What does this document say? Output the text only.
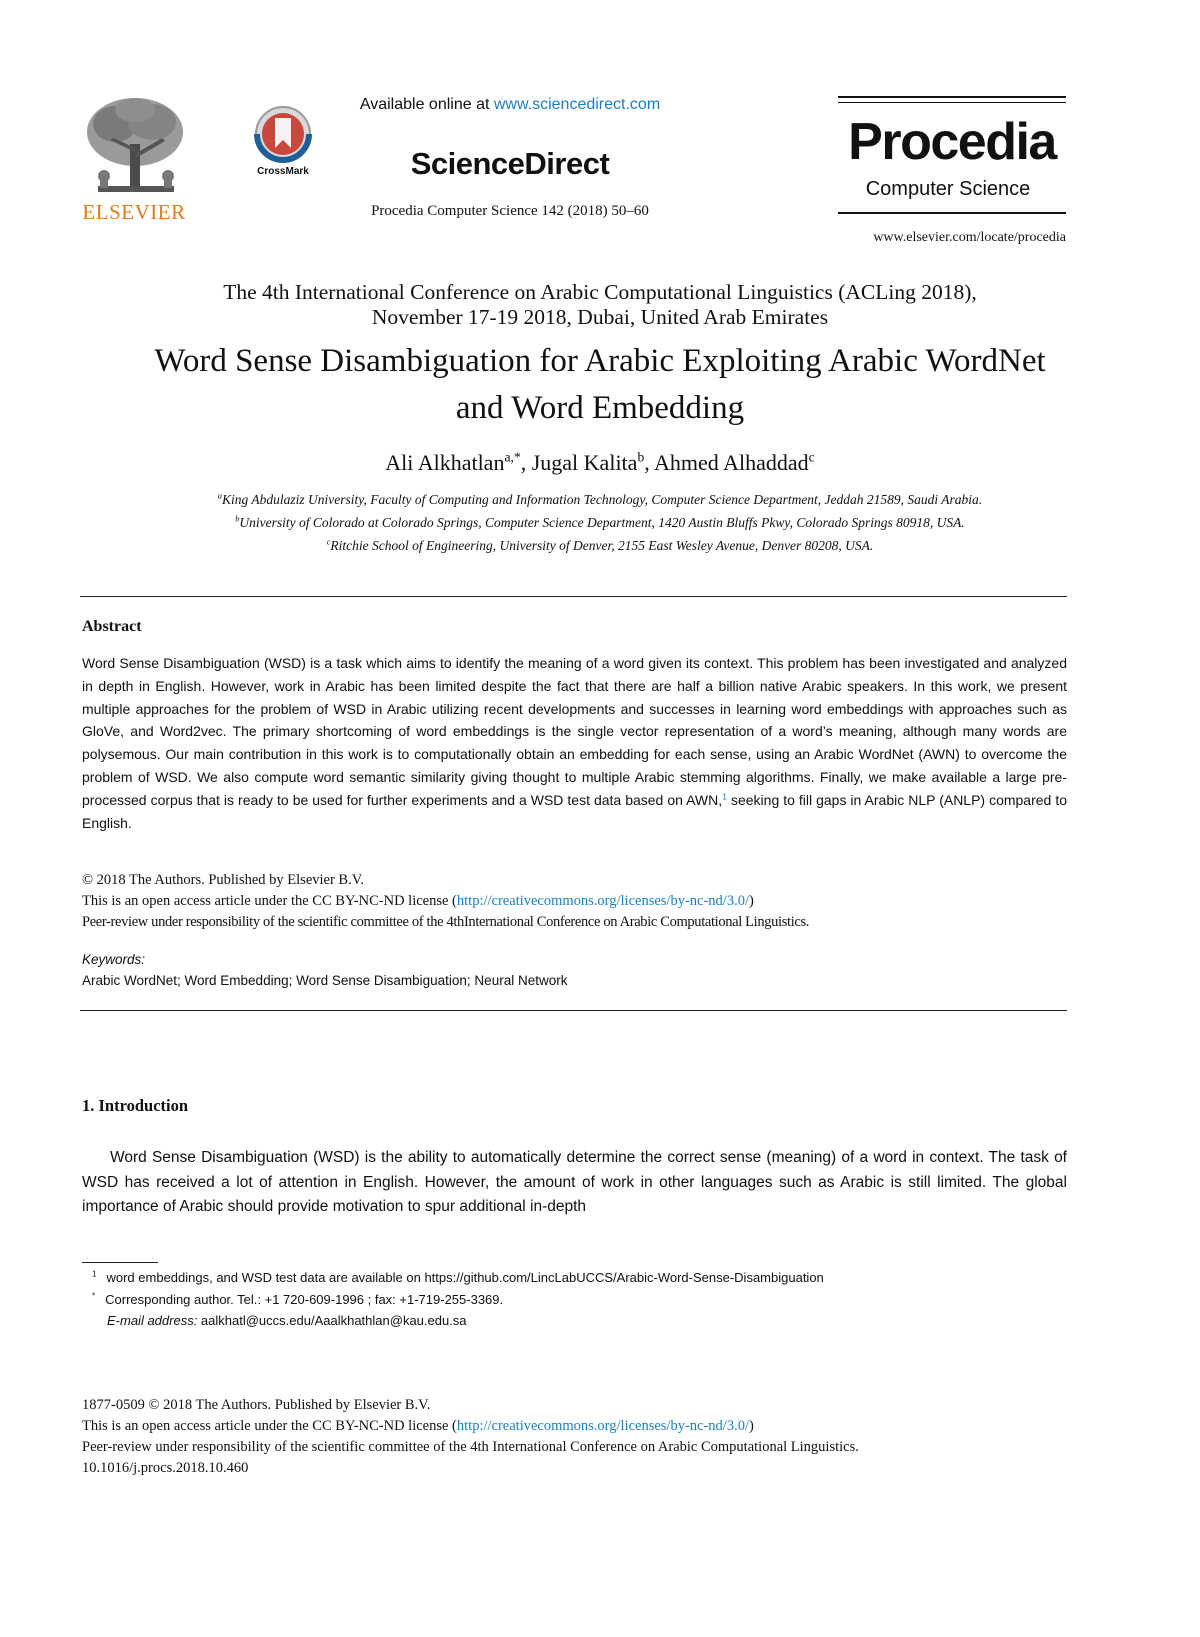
ELSEVIER
CrossMark
Available online at www.sciencedirect.com
ScienceDirect
Procedia Computer Science 142 (2018) 50–60
Procedia
Computer Science
www.elsevier.com/locate/procedia
The 4th International Conference on Arabic Computational Linguistics (ACLing 2018),
November 17-19 2018, Dubai, United Arab Emirates
Word Sense Disambiguation for Arabic Exploiting Arabic WordNet
and Word Embedding
Ali Alkhatlan$^{a,*}$, Jugal Kalita$^b$, Ahmed Alhaddad$^c$
$^a$King Abdulaziz University, Faculty of Computing and Information Technology, Computer Science Department, Jeddah 21589, Saudi Arabia.
$^b$University of Colorado at Colorado Springs, Computer Science Department, 1420 Austin Bluffs Pkwy, Colorado Springs 80918, USA.
$^c$Ritchie School of Engineering, University of Denver, 2155 East Wesley Avenue, Denver 80208, USA.
Abstract
Word Sense Disambiguation (WSD) is a task which aims to identify the meaning of a word given its context. This problem has been investigated and analyzed in depth in English. However, work in Arabic has been limited despite the fact that there are half a billion native Arabic speakers. In this work, we present multiple approaches for the problem of WSD in Arabic utilizing recent developments and successes in learning word embeddings with approaches such as GloVe, and Word2vec. The primary shortcoming of word embeddings is the single vector representation of a word’s meaning, although many words are polysemous. Our main contribution in this work is to computationally obtain an embedding for each sense, using an Arabic WordNet (AWN) to overcome the problem of WSD. We also compute word semantic similarity giving thought to multiple Arabic stemming algorithms. Finally, we make available a large pre-processed corpus that is ready to be used for further experiments and a WSD test data based on AWN,$^1$ seeking to fill gaps in Arabic NLP (ANLP) compared to English.
© 2018 The Authors. Published by Elsevier B.V.
This is an open access article under the CC BY-NC-ND license (http://creativecommons.org/licenses/by-nc-nd/3.0/)
Peer-review under responsibility of the scientific committee of the 4thInternational Conference on Arabic Computational Linguistics.
Keywords:
Arabic WordNet; Word Embedding; Word Sense Disambiguation; Neural Network
1. Introduction
Word Sense Disambiguation (WSD) is the ability to automatically determine the correct sense (meaning) of a word in context. The task of WSD has received a lot of attention in English. However, the amount of work in other languages such as Arabic is still limited. The global importance of Arabic should provide motivation to spur additional in-depth
$^1$ word embeddings, and WSD test data are available on https://github.com/LincLabUCCS/Arabic-Word-Sense-Disambiguation
* Corresponding author. Tel.: +1 720-609-1996 ; fax: +1-719-255-3369.
E-mail address: aalkhatl@uccs.edu/Aaalkhathlan@kau.edu.sa
1877-0509 © 2018 The Authors. Published by Elsevier B.V.
This is an open access article under the CC BY-NC-ND license (http://creativecommons.org/licenses/by-nc-nd/3.0/)
Peer-review under responsibility of the scientific committee of the 4th International Conference on Arabic Computational Linguistics.
10.1016/j.procs.2018.10.460
